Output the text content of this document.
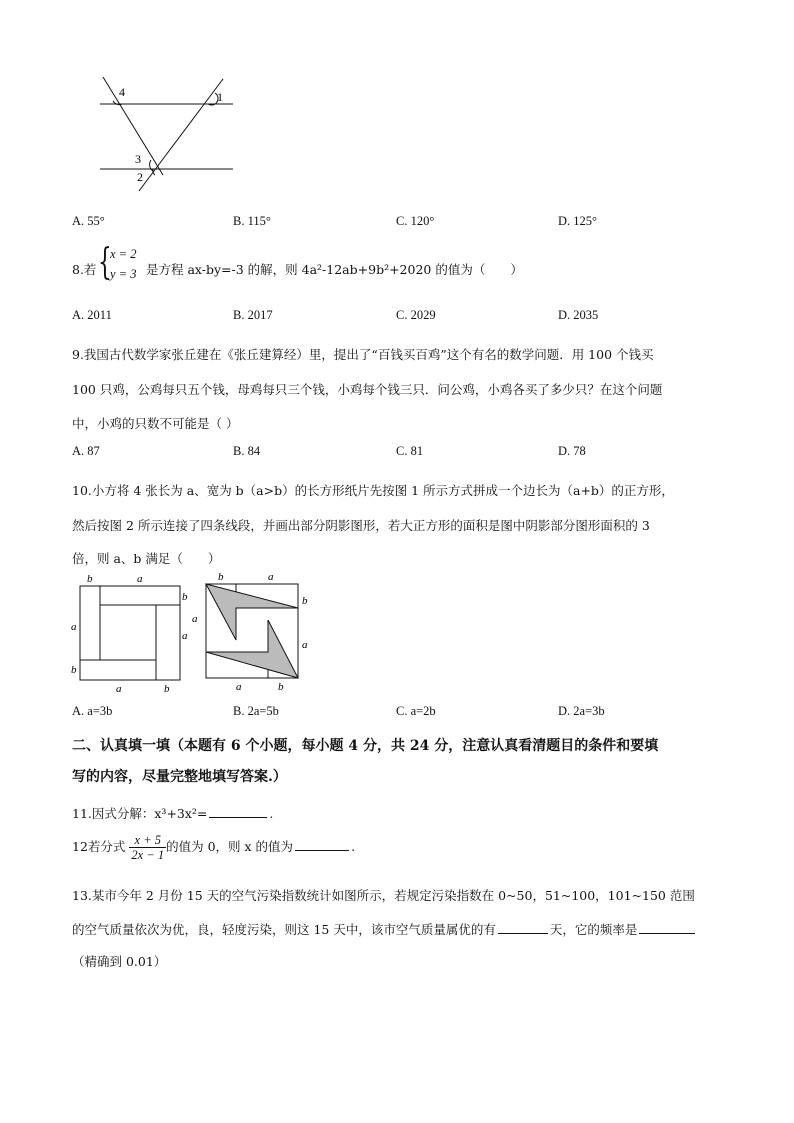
4	1
3
2
A. 55°	B. 115°	C. 120°	D. 125°
8.若 {
x = 2
y = 3 是方程 ax-by=-3 的解，则 4a²-12ab+9b²+2020 的值为（　　）
A. 2011	B. 2017	C. 2029	D. 2035
9.我国古代数学家张丘建在《张丘建算经）里，提出了“百钱买百鸡”这个有名的数学问题．用 100 个钱买
100 只鸡，公鸡每只五个钱，母鸡每只三个钱，小鸡每个钱三只．问公鸡，小鸡各买了多少只？在这个问题
中，小鸡的只数不可能是（ ）
A. 87	B. 84	C. 81	D. 78
10.小方将 4 张长为 a、宽为 b（a>b）的长方形纸片先按图 1 所示方式拼成一个边长为（a+b）的正方形，
然后按图 2 所示连接了四条线段，并画出部分阴影图形，若大正方形的面积是图中阴影部分图形面积的 3
倍，则 a、b 满足（　　）
b	a
b
a
a
b
a	b
b	a
b
a
a
a	b
A. a=3b	B. 2a=5b	C. a=2b	D. 2a=3b
二、认真填一填（本题有 6 个小题，每小题 4 分，共 24 分，注意认真看清题目的条件和要填
写的内容，尽量完整地填写答案.）
11.因式分解：x³+3x²=	.
12若分式 $\frac{x + 5}{2x - 1}$ 的值为 0，则 x 的值为	.
13.某市今年 2 月份 15 天的空气污染指数统计如图所示，若规定污染指数在 0~50，51~100，101~150 范围
的空气质量依次为优，良，轻度污染，则这 15 天中，该市空气质量属优的有	天，它的频率是
（精确到 0.01）
